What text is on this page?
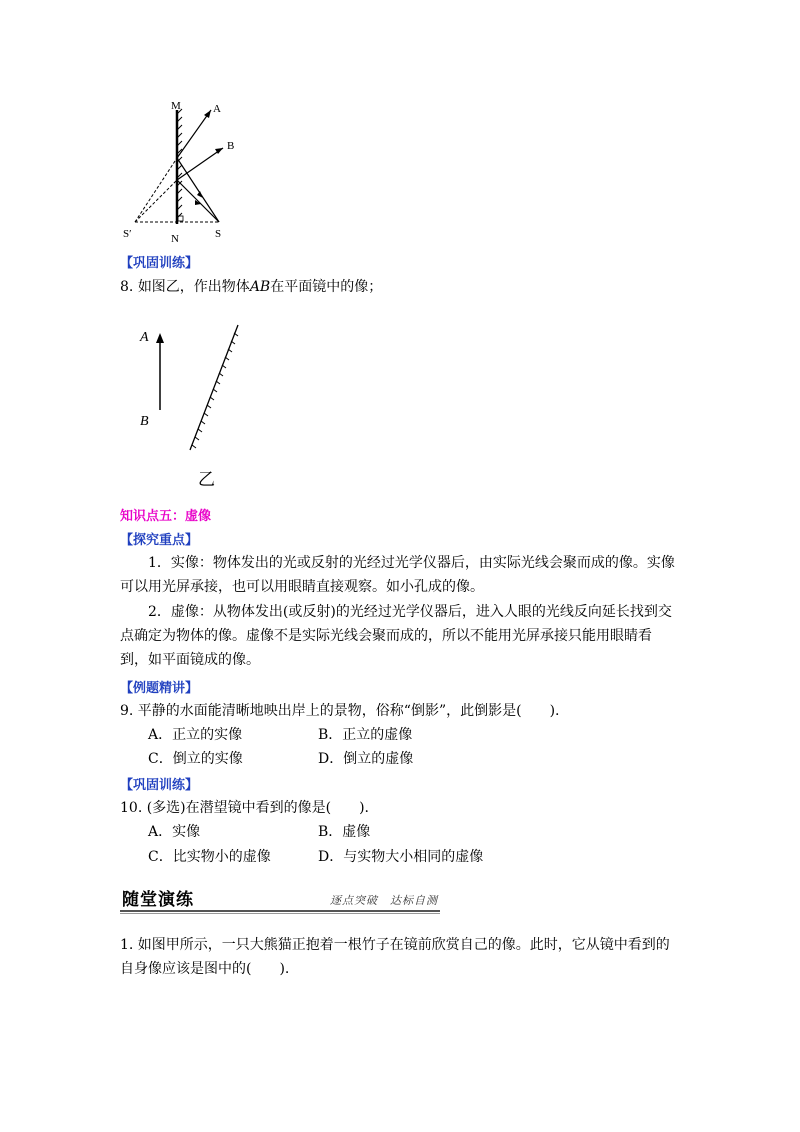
M	A
B
S′	N	S
【巩固训练】
8. 如图乙，作出物体AB在平面镜中的像；
A
B
乙
知识点五：虚像
【探究重点】
1．实像：物体发出的光或反射的光经过光学仪器后，由实际光线会聚而成的像。实像
可以用光屏承接，也可以用眼睛直接观察。如小孔成的像。
2．虚像：从物体发出(或反射)的光经过光学仪器后，进入人眼的光线反向延长找到交
点确定为物体的像。虚像不是实际光线会聚而成的，所以不能用光屏承接只能用眼睛看
到，如平面镜成的像。
【例题精讲】
9. 平静的水面能清晰地映出岸上的景物，俗称“倒影”，此倒影是(　　).
A．正立的实像	B．正立的虚像
C．倒立的实像	D．倒立的虚像
【巩固训练】
10. (多选)在潜望镜中看到的像是(　　).
A．实像	B．虚像
C．比实物小的虚像	D．与实物大小相同的虚像
随堂演练	逐点突破　达标自测
1. 如图甲所示，一只大熊猫正抱着一根竹子在镜前欣赏自己的像。此时，它从镜中看到的
自身像应该是图中的(　　).
